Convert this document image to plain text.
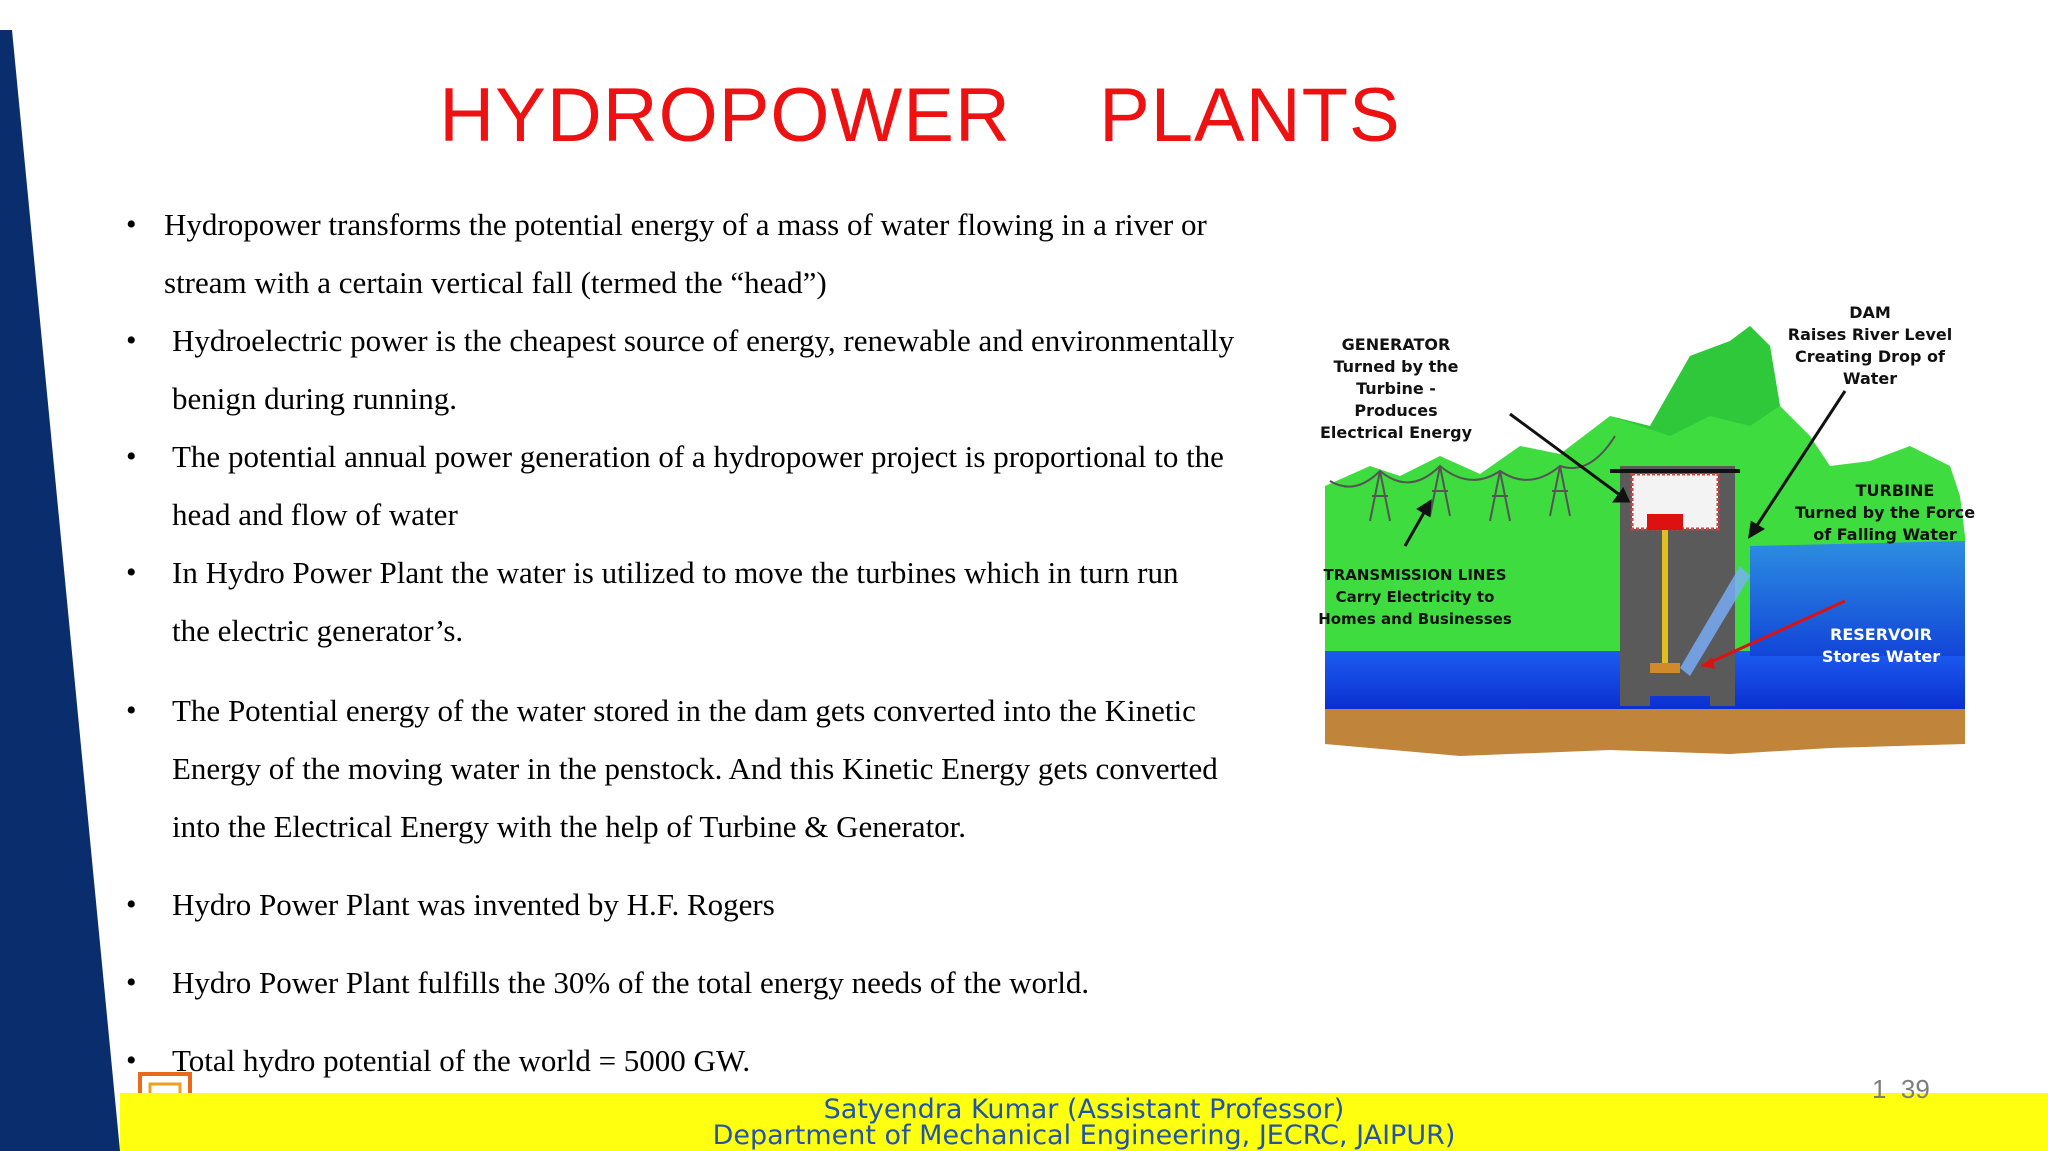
HYDROPOWER  PLANTS
• Hydropower transforms the potential energy of a mass of water flowing in a river or
stream with a certain vertical fall (termed the “head”)
• Hydroelectric power is the cheapest source of energy, renewable and environmentally
benign during running.
• The potential annual power generation of a hydropower project is proportional to the
head and flow of water
• In Hydro Power Plant the water is utilized to move the turbines which in turn run
the electric generator’s.
• The Potential energy of the water stored in the dam gets converted into the Kinetic
Energy of the moving water in the penstock. And this Kinetic Energy gets converted
into the Electrical Energy with the help of Turbine & Generator.
• Hydro Power Plant was invented by H.F. Rogers
• Hydro Power Plant fulfills the 30% of the total energy needs of the world.
• Total hydro potential of the world = 5000 GW.
GENERATOR
Turned by the
Turbine - Produces
Electrical Energy
DAM
Raises River Level
Creating Drop of
Water
TURBINE
Turned by the Force
of Falling Water
TRANSMISSION LINES
Carry Electricity to
Homes and Businesses
RESERVOIR
Stores Water
Satyendra Kumar (Assistant Professor)
Department of Mechanical Engineering, JECRC, JAIPUR)
1  39
